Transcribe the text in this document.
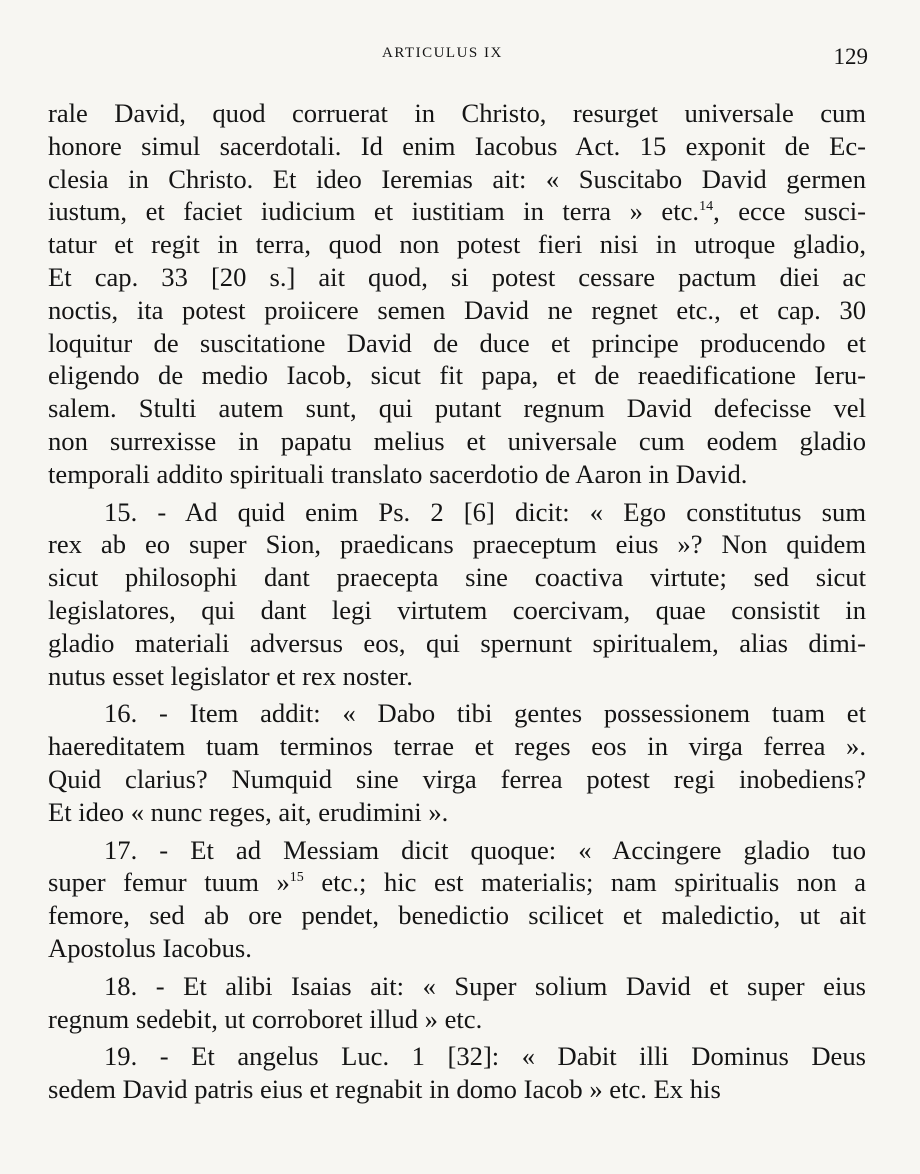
ARTICULUS IX	129
rale David, quod corruerat in Christo, resurget universale cum
honore simul sacerdotali. Id enim Iacobus Act. 15 exponit de Ec-
clesia in Christo. Et ideo Ieremias ait: « Suscitabo David germen
iustum, et faciet iudicium et iustitiam in terra » etc.$^{14}$, ecce susci-
tatur et regit in terra, quod non potest fieri nisi in utroque gladio,
Et cap. 33 [20 s.] ait quod, si potest cessare pactum diei ac
noctis, ita potest proiicere semen David ne regnet etc., et cap. 30
loquitur de suscitatione David de duce et principe producendo et
eligendo de medio Iacob, sicut fit papa, et de reaedificatione Ieru-
salem. Stulti autem sunt, qui putant regnum David defecisse vel
non surrexisse in papatu melius et universale cum eodem gladio
temporali addito spirituali translato sacerdotio de Aaron in David.
15. - Ad quid enim Ps. 2 [6] dicit: « Ego constitutus sum
rex ab eo super Sion, praedicans praeceptum eius »? Non quidem
sicut philosophi dant praecepta sine coactiva virtute; sed sicut
legislatores, qui dant legi virtutem coercivam, quae consistit in
gladio materiali adversus eos, qui spernunt spiritualem, alias dimi-
nutus esset legislator et rex noster.
16. - Item addit: « Dabo tibi gentes possessionem tuam et
haereditatem tuam terminos terrae et reges eos in virga ferrea ».
Quid clarius? Numquid sine virga ferrea potest regi inobediens?
Et ideo « nunc reges, ait, erudimini ».
17. - Et ad Messiam dicit quoque: « Accingere gladio tuo
super femur tuum »$^{15}$ etc.; hic est materialis; nam spiritualis non a
femore, sed ab ore pendet, benedictio scilicet et maledictio, ut ait
Apostolus Iacobus.
18. - Et alibi Isaias ait: « Super solium David et super eius
regnum sedebit, ut corroboret illud » etc.
19. - Et angelus Luc. 1 [32]: « Dabit illi Dominus Deus
sedem David patris eius et regnabit in domo Iacob » etc. Ex his
